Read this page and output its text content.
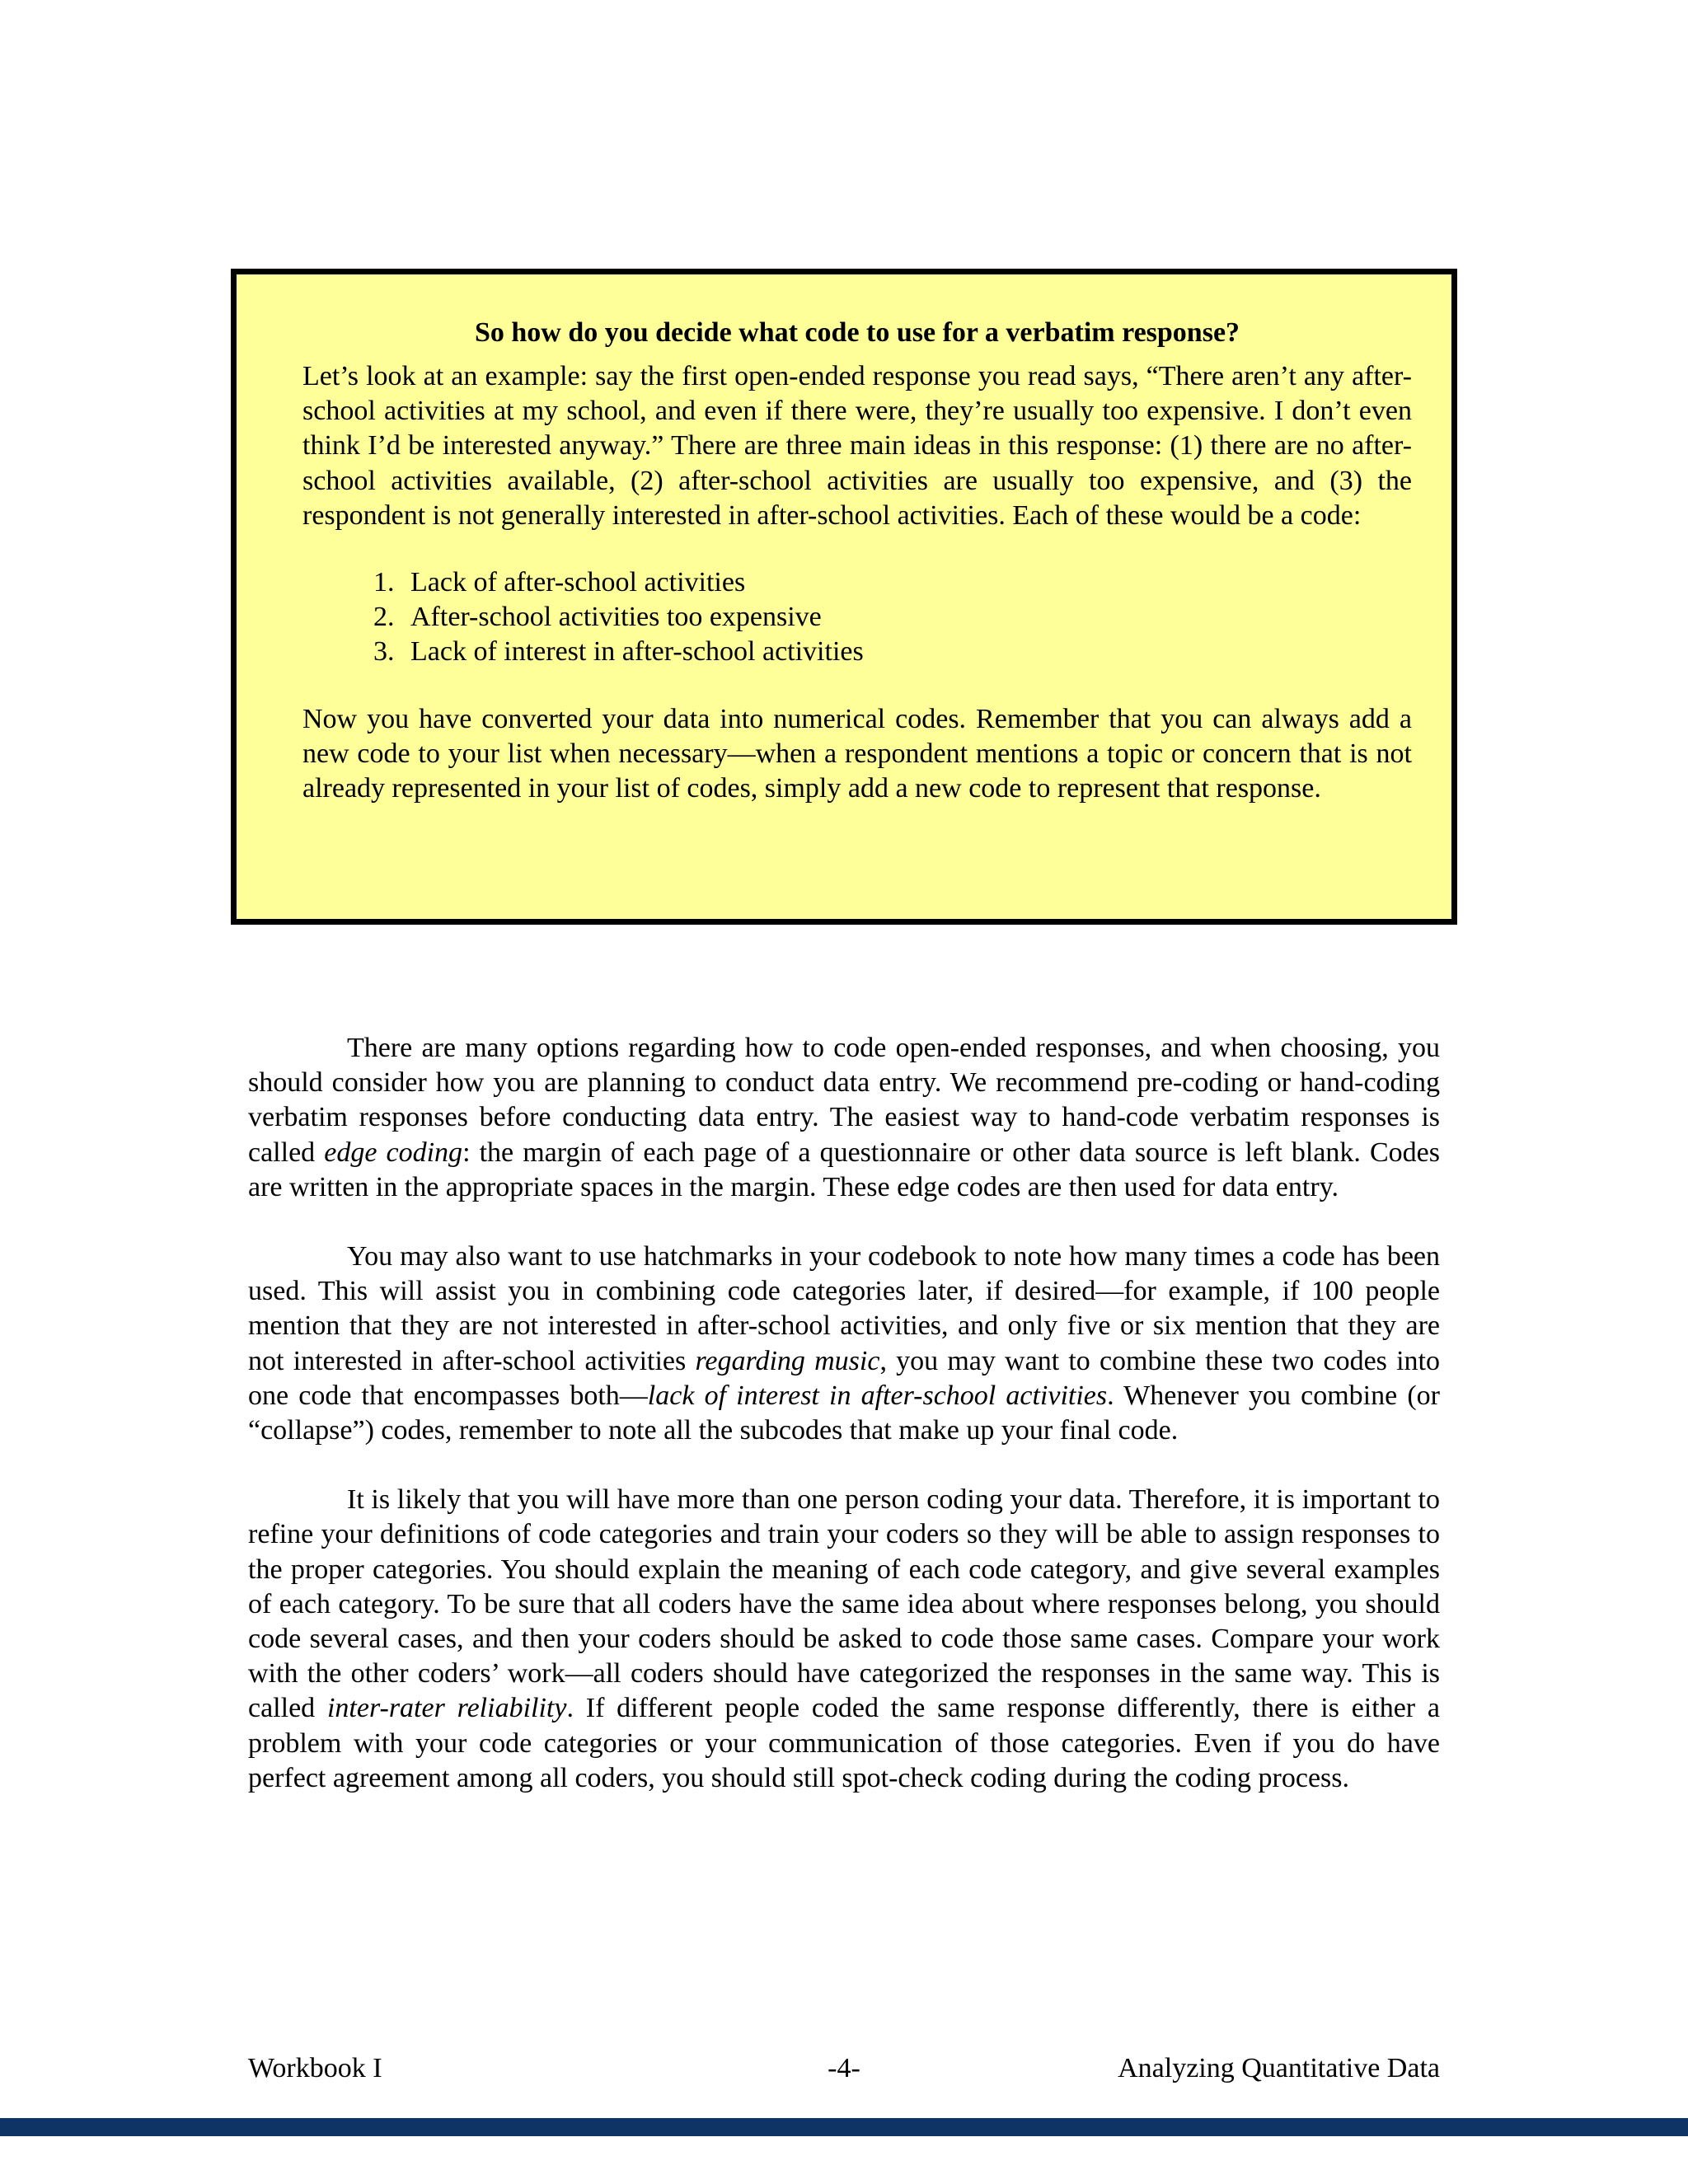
So how do you decide what code to use for a verbatim response?

Let’s look at an example: say the first open-ended response you read says, “There aren’t any after-school activities at my school, and even if there were, they’re usually too expensive. I don’t even think I’d be interested anyway.” There are three main ideas in this response: (1) there are no after-school activities available, (2) after-school activities are usually too expensive, and (3) the respondent is not generally interested in after-school activities. Each of these would be a code:

1. Lack of after-school activities
2. After-school activities too expensive
3. Lack of interest in after-school activities

Now you have converted your data into numerical codes. Remember that you can always add a new code to your list when necessary—when a respondent mentions a topic or concern that is not already represented in your list of codes, simply add a new code to represent that response.

There are many options regarding how to code open-ended responses, and when choosing, you should consider how you are planning to conduct data entry. We recommend pre-coding or hand-coding verbatim responses before conducting data entry. The easiest way to hand-code verbatim responses is called edge coding: the margin of each page of a questionnaire or other data source is left blank. Codes are written in the appropriate spaces in the margin. These edge codes are then used for data entry.

You may also want to use hatchmarks in your codebook to note how many times a code has been used. This will assist you in combining code categories later, if desired—for example, if 100 people mention that they are not interested in after-school activities, and only five or six mention that they are not interested in after-school activities regarding music, you may want to combine these two codes into one code that encompasses both—lack of interest in after-school activities. Whenever you combine (or “collapse”) codes, remember to note all the subcodes that make up your final code.

It is likely that you will have more than one person coding your data. Therefore, it is important to refine your definitions of code categories and train your coders so they will be able to assign responses to the proper categories. You should explain the meaning of each code category, and give several examples of each category. To be sure that all coders have the same idea about where responses belong, you should code several cases, and then your coders should be asked to code those same cases. Compare your work with the other coders’ work—all coders should have categorized the responses in the same way. This is called inter-rater reliability. If different people coded the same response differently, there is either a problem with your code categories or your communication of those categories. Even if you do have perfect agreement among all coders, you should still spot-check coding during the coding process.

Workbook I	-4-	Analyzing Quantitative Data
